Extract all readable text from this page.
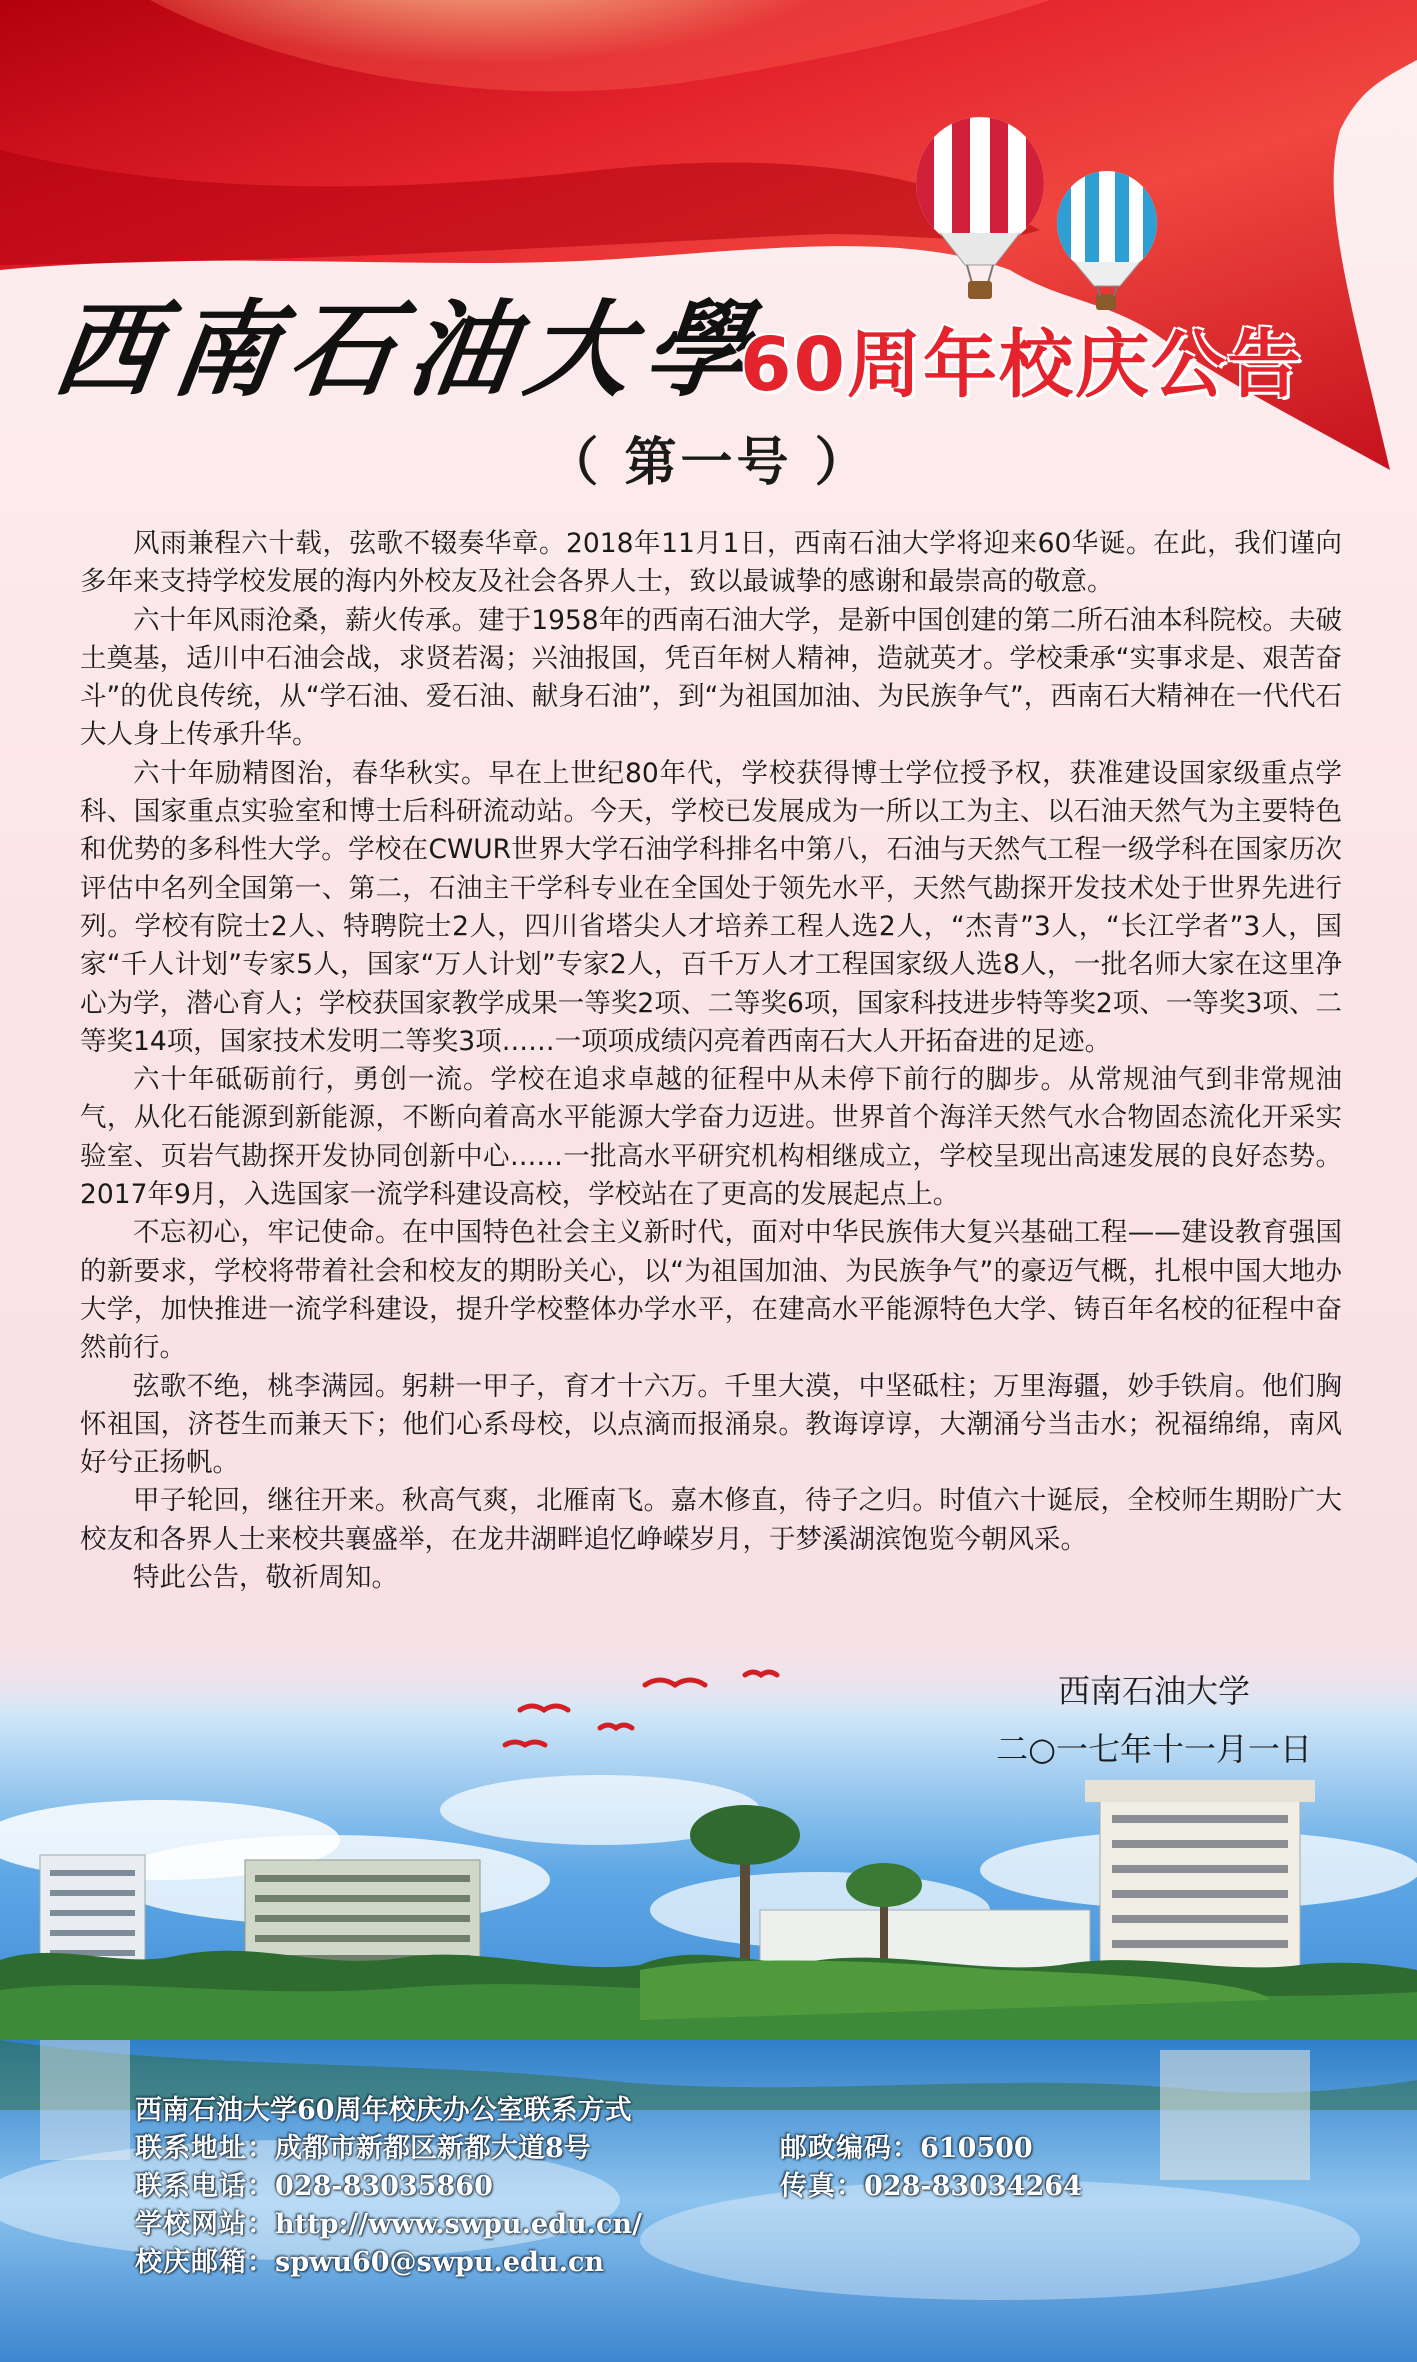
西南石油大學
60周年校庆公告
（ 第一号 ）

风雨兼程六十载，弦歌不辍奏华章。2018年11月1日，西南石油大学将迎来60华诞。在此，我们谨向多年来支持学校发展的海内外校友及社会各界人士，致以最诚挚的感谢和最崇高的敬意。

六十年风雨沧桑，薪火传承。建于1958年的西南石油大学，是新中国创建的第二所石油本科院校。夫破土奠基，适川中石油会战，求贤若渴；兴油报国，凭百年树人精神，造就英才。学校秉承“实事求是、艰苦奋斗”的优良传统，从“学石油、爱石油、献身石油”，到“为祖国加油、为民族争气”，西南石大精神在一代代石大人身上传承升华。

六十年励精图治，春华秋实。早在上世纪80年代，学校获得博士学位授予权，获准建设国家级重点学科、国家重点实验室和博士后科研流动站。今天，学校已发展成为一所以工为主、以石油天然气为主要特色和优势的多科性大学。学校在CWUR世界大学石油学科排名中第八，石油与天然气工程一级学科在国家历次评估中名列全国第一、第二，石油主干学科专业在全国处于领先水平，天然气勘探开发技术处于世界先进行列。学校有院士2人、特聘院士2人，四川省塔尖人才培养工程人选2人，“杰青”3人，“长江学者”3人，国家“千人计划”专家5人，国家“万人计划”专家2人，百千万人才工程国家级人选8人，一批名师大家在这里净心为学，潜心育人；学校获国家教学成果一等奖2项、二等奖6项，国家科技进步特等奖2项、一等奖3项、二等奖14项，国家技术发明二等奖3项……一项项成绩闪亮着西南石大人开拓奋进的足迹。

六十年砥砺前行，勇创一流。学校在追求卓越的征程中从未停下前行的脚步。从常规油气到非常规油气，从化石能源到新能源，不断向着高水平能源大学奋力迈进。世界首个海洋天然气水合物固态流化开采实验室、页岩气勘探开发协同创新中心……一批高水平研究机构相继成立，学校呈现出高速发展的良好态势。2017年9月，入选国家一流学科建设高校，学校站在了更高的发展起点上。

不忘初心，牢记使命。在中国特色社会主义新时代，面对中华民族伟大复兴基础工程——建设教育强国的新要求，学校将带着社会和校友的期盼关心，以“为祖国加油、为民族争气”的豪迈气概，扎根中国大地办大学，加快推进一流学科建设，提升学校整体办学水平，在建高水平能源特色大学、铸百年名校的征程中奋然前行。

弦歌不绝，桃李满园。躬耕一甲子，育才十六万。千里大漠，中坚砥柱；万里海疆，妙手铁肩。他们胸怀祖国，济苍生而兼天下；他们心系母校，以点滴而报涌泉。教诲谆谆，大潮涌兮当击水；祝福绵绵，南风好兮正扬帆。

甲子轮回，继往开来。秋高气爽，北雁南飞。嘉木修直，待子之归。时值六十诞辰，全校师生期盼广大校友和各界人士来校共襄盛举，在龙井湖畔追忆峥嵘岁月，于梦溪湖滨饱览今朝风采。

特此公告，敬祈周知。

西南石油大学
二○一七年十一月一日
西南石油大学60周年校庆办公室联系方式
联系地址：成都市新都区新都大道8号	邮政编码：610500
联系电话：028-83035860	传真：028-83034264
学校网站： http://www.swpu.edu.cn/
校庆邮箱： spwu60@swpu.edu.cn
